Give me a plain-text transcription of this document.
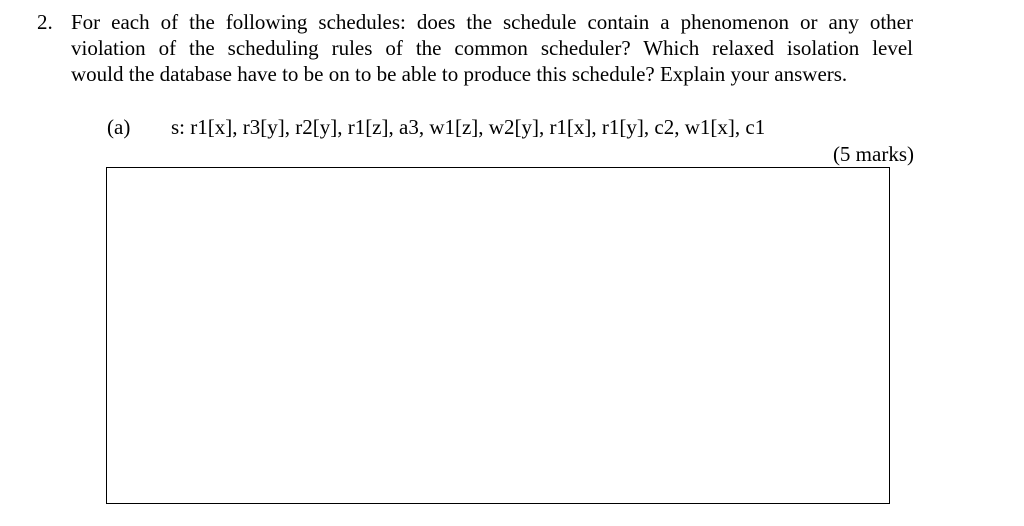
2. For each of the following schedules: does the schedule contain a phenomenon or any other
violation of the scheduling rules of the common scheduler? Which relaxed isolation level
would the database have to be on to be able to produce this schedule? Explain your answers.
(a) s: r1[x], r3[y], r2[y], r1[z], a3, w1[z], w2[y], r1[x], r1[y], c2, w1[x], c1
(5 marks)
